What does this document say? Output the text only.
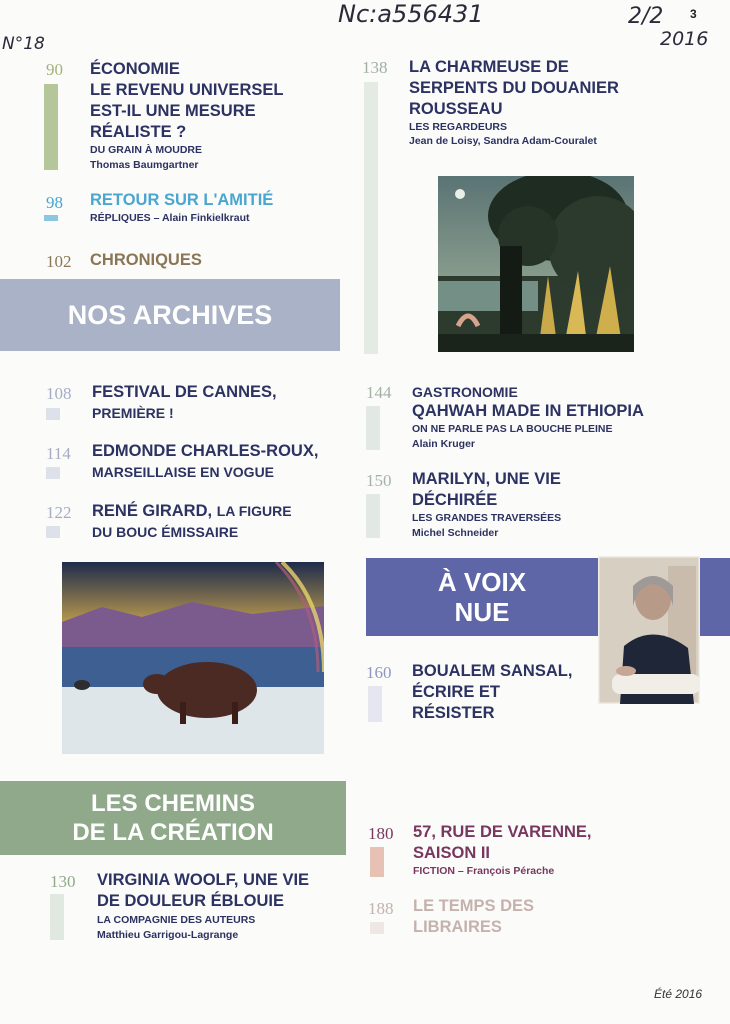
Nc:a556431
N°18
2/2
2016
3
90 ÉCONOMIE
LE REVENU UNIVERSEL
EST-IL UNE MESURE
RÉALISTE ?
DU GRAIN À MOUDRE
Thomas Baumgartner
98 RETOUR SUR L'AMITIÉ
RÉPLIQUES – Alain Finkielkraut
102 CHRONIQUES
NOS ARCHIVES
138 LA CHARMEUSE DE
SERPENTS DU DOUANIER
ROUSSEAU
LES REGARDEURS
Jean de Loisy, Sandra Adam-Couralet
108 FESTIVAL DE CANNES,
PREMIÈRE !
114 EDMONDE CHARLES-ROUX,
MARSEILLAISE EN VOGUE
122 RENÉ GIRARD, LA FIGURE
DU BOUC ÉMISSAIRE
144 GASTRONOMIE
QAHWAH MADE IN ETHIOPIA
ON NE PARLE PAS LA BOUCHE PLEINE
Alain Kruger
150 MARILYN, UNE VIE
DÉCHIRÉE
LES GRANDES TRAVERSÉES
Michel Schneider
À VOIX
NUE
160 BOUALEM SANSAL,
ÉCRIRE ET
RÉSISTER
LES CHEMINS
DE LA CRÉATION
130 VIRGINIA WOOLF, UNE VIE
DE DOULEUR ÉBLOUIE
LA COMPAGNIE DES AUTEURS
Matthieu Garrigou-Lagrange
180 57, RUE DE VARENNE,
SAISON II
FICTION – François Pérache
188 LE TEMPS DES
LIBRAIRES
Été 2016
